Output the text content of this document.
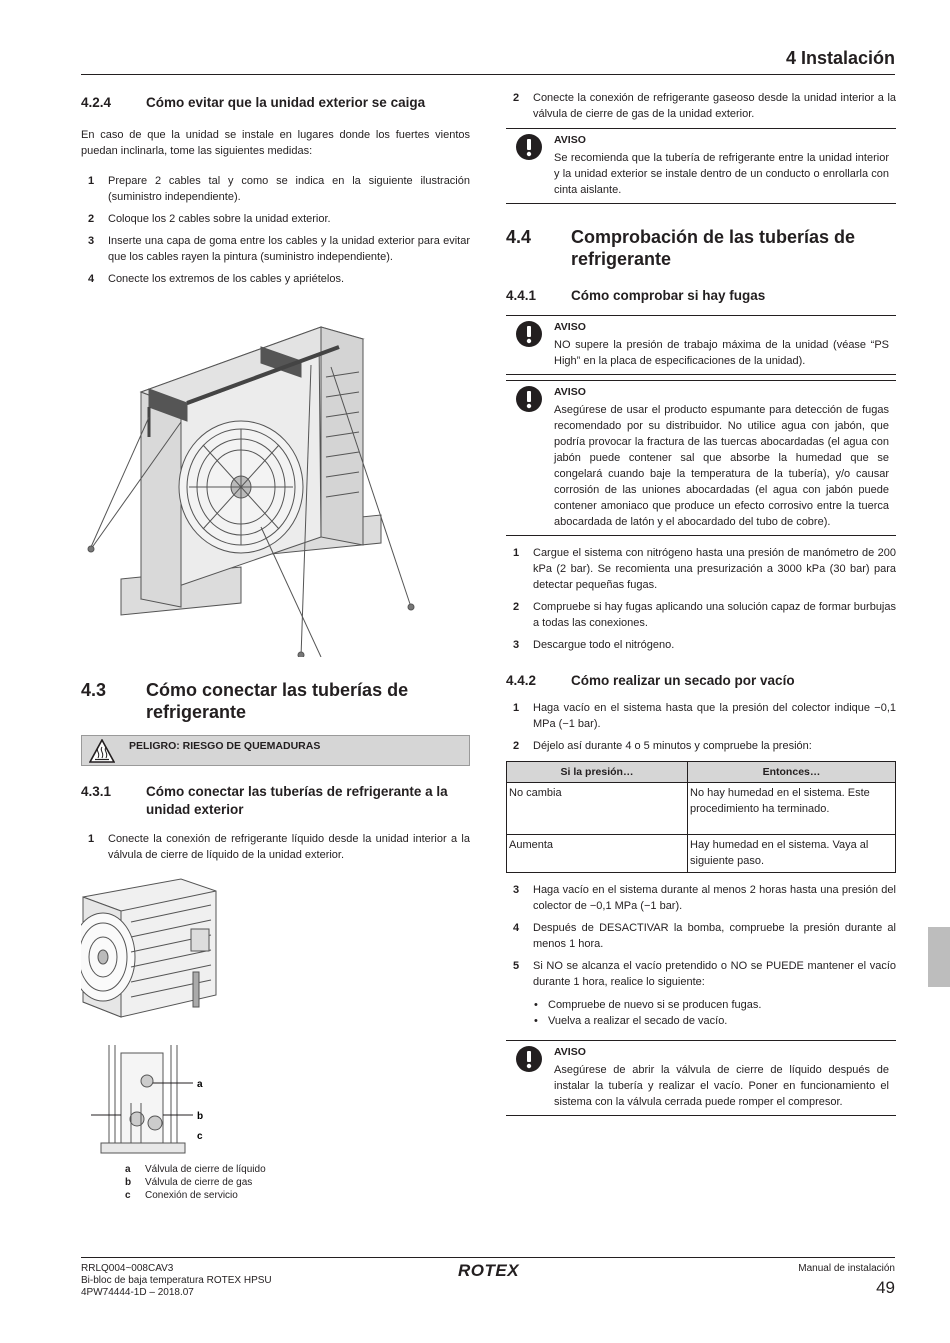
4 Instalación
4.2.4	Cómo evitar que la unidad exterior se caiga

En caso de que la unidad se instale en lugares donde los fuertes vientos puedan inclinarla, tome las siguientes medidas:

1	Prepare 2 cables tal y como se indica en la siguiente ilustración (suministro independiente).
2	Coloque los 2 cables sobre la unidad exterior.
3	Inserte una capa de goma entre los cables y la unidad exterior para evitar que los cables rayen la pintura (suministro independiente).
4	Conecte los extremos de los cables y apriételos.
4.3	Cómo conectar las tuberías de refrigerante
PELIGRO: RIESGO DE QUEMADURAS
4.3.1	Cómo conectar las tuberías de refrigerante a la unidad exterior
1	Conecte la conexión de refrigerante líquido desde la unidad interior a la válvula de cierre de líquido de la unidad exterior.
a
b
c
a	Válvula de cierre de líquido
b	Válvula de cierre de gas
c	Conexión de servicio
2	Conecte la conexión de refrigerante gaseoso desde la unidad interior a la válvula de cierre de gas de la unidad exterior.
AVISO
Se recomienda que la tubería de refrigerante entre la unidad interior y la unidad exterior se instale dentro de un conducto o enrollarla con cinta aislante.
4.4	Comprobación de las tuberías de refrigerante
4.4.1	Cómo comprobar si hay fugas
AVISO
NO supere la presión de trabajo máxima de la unidad (véase “PS High” en la placa de especificaciones de la unidad).
AVISO
Asegúrese de usar el producto espumante para detección de fugas recomendado por su distribuidor. No utilice agua con jabón, que podría provocar la fractura de las tuercas abocardadas (el agua con jabón puede contener sal que absorbe la humedad que se congelará cuando baje la temperatura de la tubería), y/o causar corrosión de las uniones abocardadas (el agua con jabón puede contener amoniaco que produce un efecto corrosivo entre la tuerca abocardada de latón y el abocardado del tubo de cobre).
1	Cargue el sistema con nitrógeno hasta una presión de manómetro de 200 kPa (2 bar). Se recomienta una presurización a 3000 kPa (30 bar) para detectar pequeñas fugas.
2	Compruebe si hay fugas aplicando una solución capaz de formar burbujas a todas las conexiones.
3	Descargue todo el nitrógeno.
4.4.2	Cómo realizar un secado por vacío
1	Haga vacío en el sistema hasta que la presión del colector indique −0,1 MPa (−1 bar).
2	Déjelo así durante 4 o 5 minutos y compruebe la presión:
Si la presión…	Entonces…
No cambia	No hay humedad en el sistema. Este procedimiento ha terminado.
Aumenta	Hay humedad en el sistema. Vaya al siguiente paso.
3	Haga vacío en el sistema durante al menos 2 horas hasta una presión del colector de −0,1 MPa (−1 bar).
4	Después de DESACTIVAR la bomba, compruebe la presión durante al menos 1 hora.
5	Si NO se alcanza el vacío pretendido o NO se PUEDE mantener el vacío durante 1 hora, realice lo siguiente:
• Compruebe de nuevo si se producen fugas.
• Vuelva a realizar el secado de vacío.
AVISO
Asegúrese de abrir la válvula de cierre de líquido después de instalar la tubería y realizar el vacío. Poner en funcionamiento el sistema con la válvula cerrada puede romper el compresor.
RRLQ004~008CAV3
Bi-bloc de baja temperatura ROTEX HPSU
4PW74444-1D – 2018.07
ROTEX	Manual de instalación
49
